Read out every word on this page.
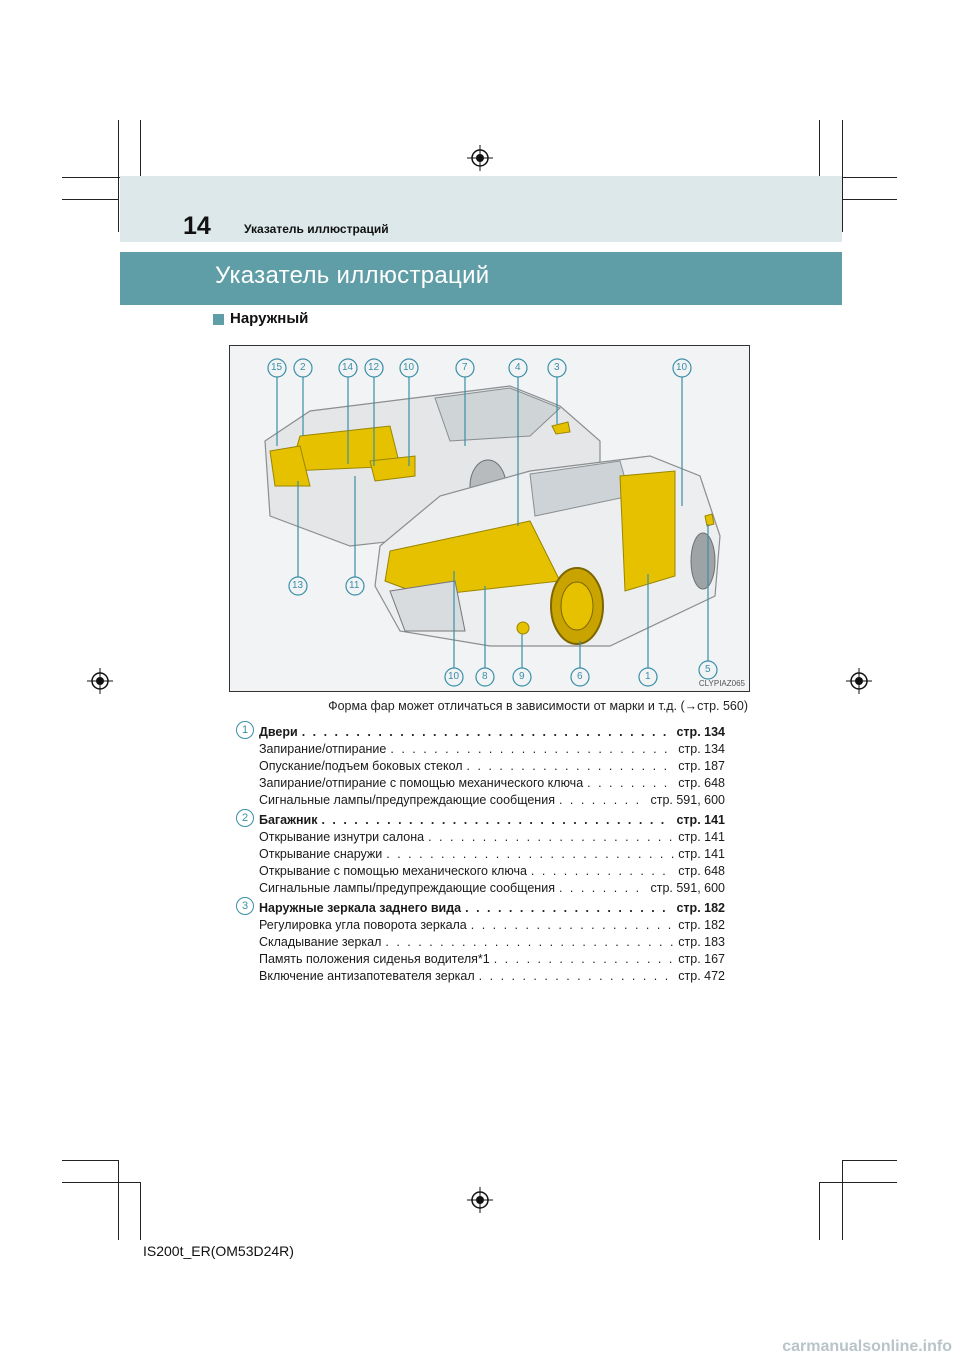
14	Указатель иллюстраций
Указатель иллюстраций
Наружный
15 2	14 12 10	7	4	3	10
13	11
10 8	9	6	1
5
CLYPIAZ065
Форма фар может отличаться в зависимости от марки и т.д. (→стр. 560)
1 Двери . . .	стр. 134
Запирание/отпирание . . .	стр. 134
Опускание/подъем боковых стекол . . .	стр. 187
Запирание/отпирание с помощью механического ключа . . .	стр. 648
Сигнальные лампы/предупреждающие сообщения . . .	стр. 591, 600
2 Багажник . . .	стр. 141
Открывание изнутри салона . . .	стр. 141
Открывание снаружи . . .	стр. 141
Открывание с помощью механического ключа . . .	стр. 648
Сигнальные лампы/предупреждающие сообщения . . .	стр. 591, 600
3 Наружные зеркала заднего вида . . .	стр. 182
Регулировка угла поворота зеркала . . .	стр. 182
Складывание зеркал . . .	стр. 183
Память положения сиденья водителя*1 . . .	стр. 167
Включение антизапотевателя зеркал . . .	стр. 472
IS200t_ER(OM53D24R)
carmanualsonline.info
